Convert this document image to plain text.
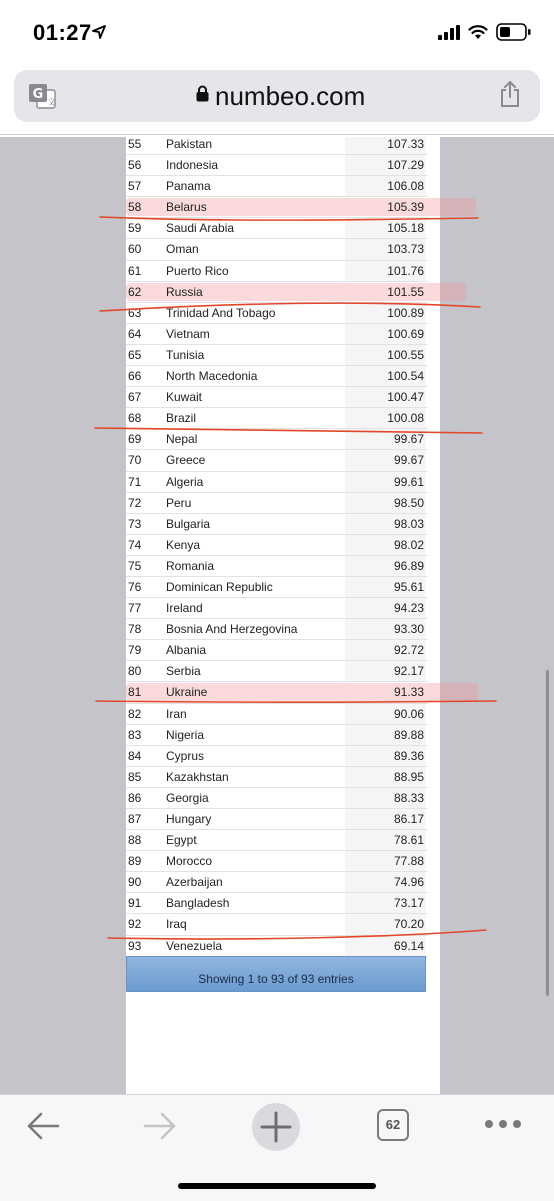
01:27
G
文	numbeo.com
55 Pakistan	107.33
56 Indonesia	107.29
57 Panama	106.08
58 Belarus	105.39
59 Saudi Arabia	105.18
60 Oman	103.73
61 Puerto Rico	101.76
62 Russia	101.55
63 Trinidad And Tobago	100.89
64 Vietnam	100.69
65 Tunisia	100.55
66 North Macedonia	100.54
67 Kuwait	100.47
68 Brazil	100.08
69 Nepal	99.67
70 Greece	99.67
71 Algeria	99.61
72 Peru	98.50
73 Bulgaria	98.03
74 Kenya	98.02
75 Romania	96.89
76 Dominican Republic	95.61
77 Ireland	94.23
78 Bosnia And Herzegovina	93.30
79 Albania	92.72
80 Serbia	92.17
81 Ukraine	91.33
82 Iran	90.06
83 Nigeria	89.88
84 Cyprus	89.36
85 Kazakhstan	88.95
86 Georgia	88.33
87 Hungary	86.17
88 Egypt	78.61
89 Morocco	77.88
90 Azerbaijan	74.96
91 Bangladesh	73.17
92 Iraq	70.20
93 Venezuela	69.14
Showing 1 to 93 of 93 entries
62
